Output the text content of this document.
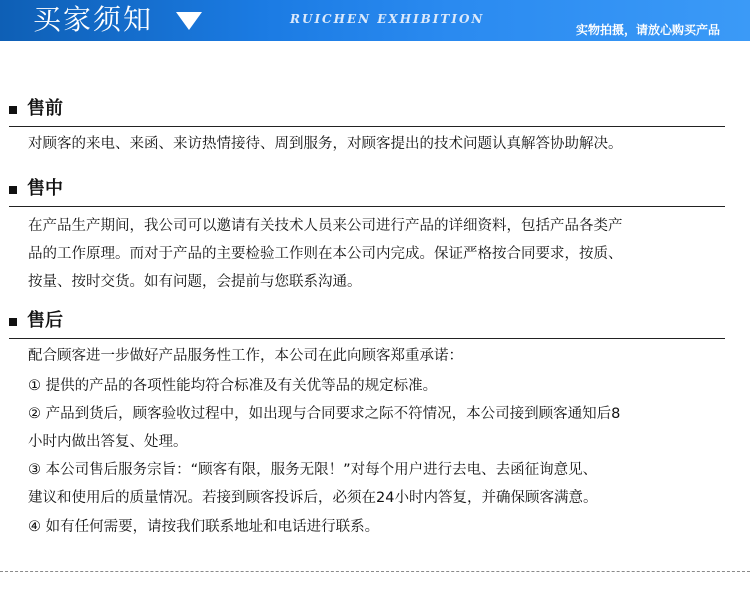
买家须知	RUICHEN EXHIBITION
实物拍摄，请放心购买产品
售前

对顾客的来电、来函、来访热情接待、周到服务，对顾客提出的技术问题认真解答协助解决。

售中

在产品生产期间，我公司可以邀请有关技术人员来公司进行产品的详细资料，包括产品各类产

品的工作原理。而对于产品的主要检验工作则在本公司内完成。保证严格按合同要求，按质、

按量、按时交货。如有问题，会提前与您联系沟通。

售后

配合顾客进一步做好产品服务性工作，本公司在此向顾客郑重承诺：

① 提供的产品的各项性能均符合标准及有关优等品的规定标准。

② 产品到货后，顾客验收过程中，如出现与合同要求之际不符情况，本公司接到顾客通知后8

小时内做出答复、处理。

③ 本公司售后服务宗旨：“顾客有限，服务无限！”对每个用户进行去电、去函征询意见、

建议和使用后的质量情况。若接到顾客投诉后，必须在24小时内答复，并确保顾客满意。

④ 如有任何需要，请按我们联系地址和电话进行联系。
